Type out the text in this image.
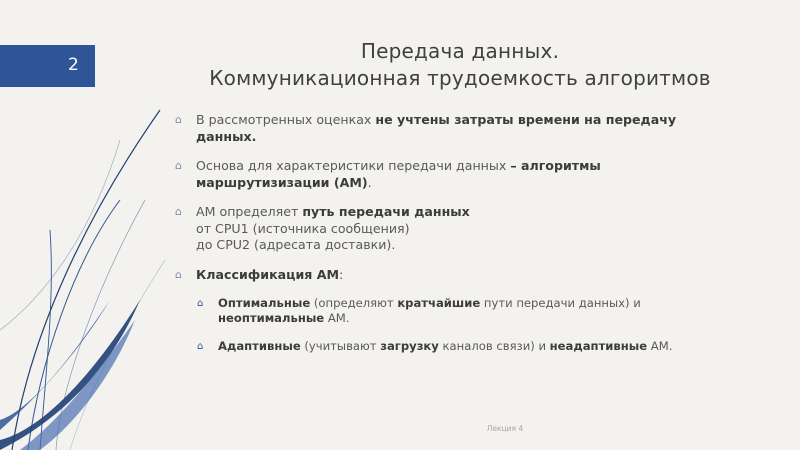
2
Передача данных.
Коммуникационная трудоемкость алгоритмов
⌂ В рассмотренных оценках не учтены затраты времени на передачу данных.
⌂ Основа для характеристики передачи данных – алгоритмы маршрутизизации (АМ).
⌂ АМ определяет путь передачи данных
от CPU1 (источника сообщения)
до CPU2 (адресата доставки).
⌂ Классификация АМ:
⌂ Оптимальные (определяют кратчайшие пути передачи данных) и неоптимальные АМ.
⌂ Адаптивные (учитывают загрузку каналов связи) и неадаптивные АМ.
Лекция 4
